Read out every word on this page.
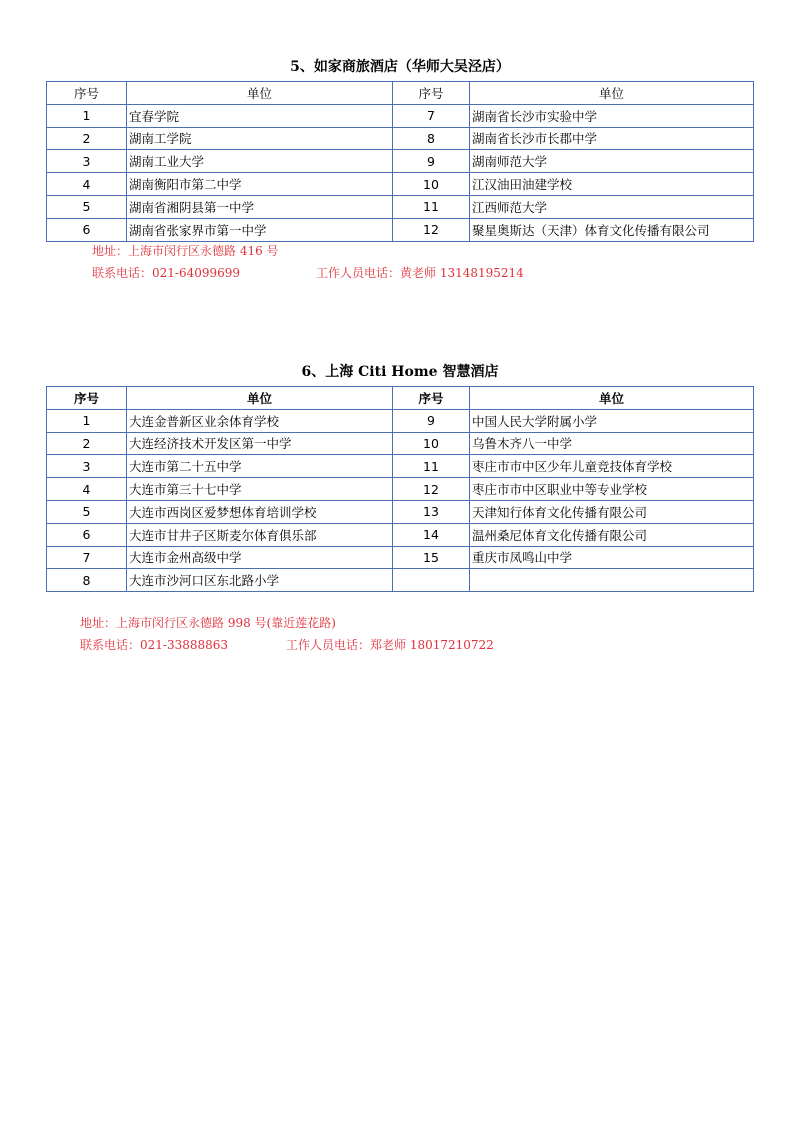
5、如家商旅酒店（华师大吴泾店）
序号	单位	序号	单位
1	宜春学院	7	湖南省长沙市实验中学
2	湖南工学院	8	湖南省长沙市长郡中学
3	湖南工业大学	9	湖南师范大学
4	湖南衡阳市第二中学	10	江汉油田油建学校
5	湖南省湘阴县第一中学	11	江西师范大学
6	湖南省张家界市第一中学	12	聚星奥斯达（天津）体育文化传播有限公司
地址：上海市闵行区永德路 416 号
联系电话：021-64099699	工作人员电话：黄老师 13148195214
6、上海 Citi Home 智慧酒店
序号	单位	序号	单位
1	大连金普新区业余体育学校	9	中国人民大学附属小学
2	大连经济技术开发区第一中学	10	乌鲁木齐八一中学
3	大连市第二十五中学	11	枣庄市市中区少年儿童竞技体育学校
4	大连市第三十七中学	12	枣庄市市中区职业中等专业学校
5	大连市西岗区爱梦想体育培训学校	13	天津知行体育文化传播有限公司
6	大连市甘井子区斯麦尔体育俱乐部	14	温州桑尼体育文化传播有限公司
7	大连市金州高级中学	15	重庆市凤鸣山中学
8	大连市沙河口区东北路小学		
地址：上海市闵行区永德路 998 号(靠近莲花路)
联系电话：021-33888863	工作人员电话：郑老师 18017210722
